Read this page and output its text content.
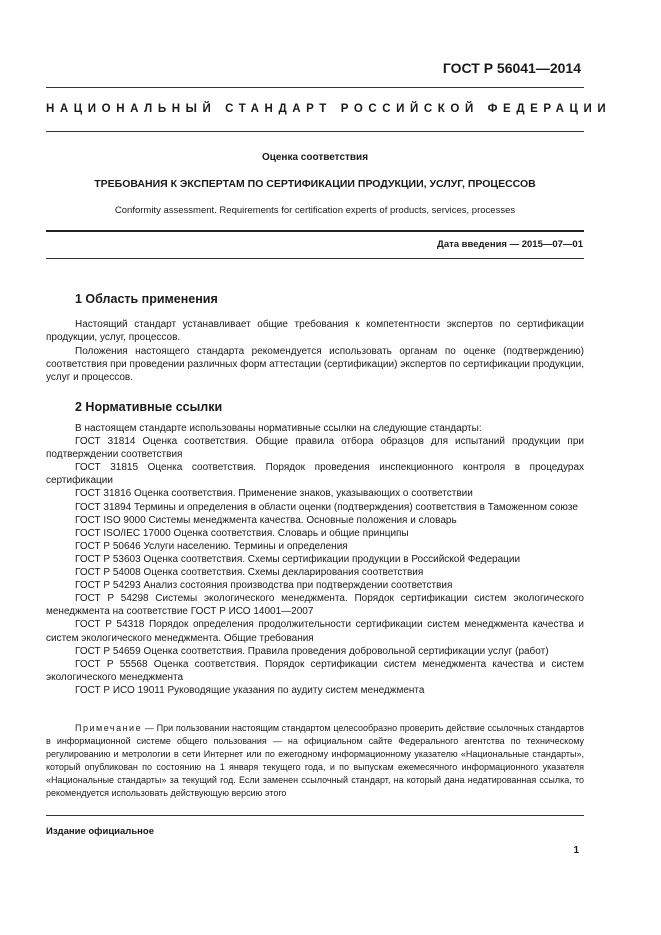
ГОСТ Р 56041—2014
НАЦИОНАЛЬНЫЙ СТАНДАРТ РОССИЙСКОЙ ФЕДЕРАЦИИ
Оценка соответствия
ТРЕБОВАНИЯ К ЭКСПЕРТАМ ПО СЕРТИФИКАЦИИ ПРОДУКЦИИ, УСЛУГ, ПРОЦЕССОВ
Conformity assessment. Requirements for certification experts of products, services, processes
Дата введения — 2015—07—01
1 Область применения

Настоящий стандарт устанавливает общие требования к компетентности экспертов по сертификации продукции, услуг, процессов.

Положения настоящего стандарта рекомендуется использовать органам по оценке (подтверждению) соответствия при проведении различных форм аттестации (сертификации) экспертов по сертификации продукции, услуг и процессов.

2 Нормативные ссылки
В настоящем стандарте использованы нормативные ссылки на следующие стандарты:
ГОСТ 31814 Оценка соответствия. Общие правила отбора образцов для испытаний продукции при подтверждении соответствия
ГОСТ 31815 Оценка соответствия. Порядок проведения инспекционного контроля в процедурах сертификации
ГОСТ 31816 Оценка соответствия. Применение знаков, указывающих о соответствии
ГОСТ 31894 Термины и определения в области оценки (подтверждения) соответствия в Таможенном союзе
ГОСТ ISO 9000 Системы менеджмента качества. Основные положения и словарь
ГОСТ ISO/IEC 17000 Оценка соответствия. Словарь и общие принципы
ГОСТ Р 50646 Услуги населению. Термины и определения
ГОСТ Р 53603 Оценка соответствия. Схемы сертификации продукции в Российской Федерации
ГОСТ Р 54008 Оценка соответствия. Схемы декларирования соответствия
ГОСТ Р 54293 Анализ состояния производства при подтверждении соответствия
ГОСТ Р 54298 Системы экологического менеджмента. Порядок сертификации систем экологического менеджмента на соответствие ГОСТ Р ИСО 14001—2007
ГОСТ Р 54318 Порядок определения продолжительности сертификации систем менеджмента качества и систем экологического менеджмента. Общие требования
ГОСТ Р 54659 Оценка соответствия. Правила проведения добровольной сертификации услуг (работ)
ГОСТ Р 55568 Оценка соответствия. Порядок сертификации систем менеджмента качества и систем экологического менеджмента
ГОСТ Р ИСО 19011 Руководящие указания по аудиту систем менеджмента

Примечание — При пользовании настоящим стандартом целесообразно проверить действие ссылочных стандартов в информационной системе общего пользования — на официальном сайте Федерального агентства по техническому регулированию и метрологии в сети Интернет или по ежегодному информационному указателю «Национальные стандарты», который опубликован по состоянию на 1 января текущего года, и по выпускам ежемесячного информационного указателя «Национальные стандарты» за текущий год. Если заменен ссылочный стандарт, на который дана недатированная ссылка, то рекомендуется использовать действующую версию этого

Издание официальное
1
